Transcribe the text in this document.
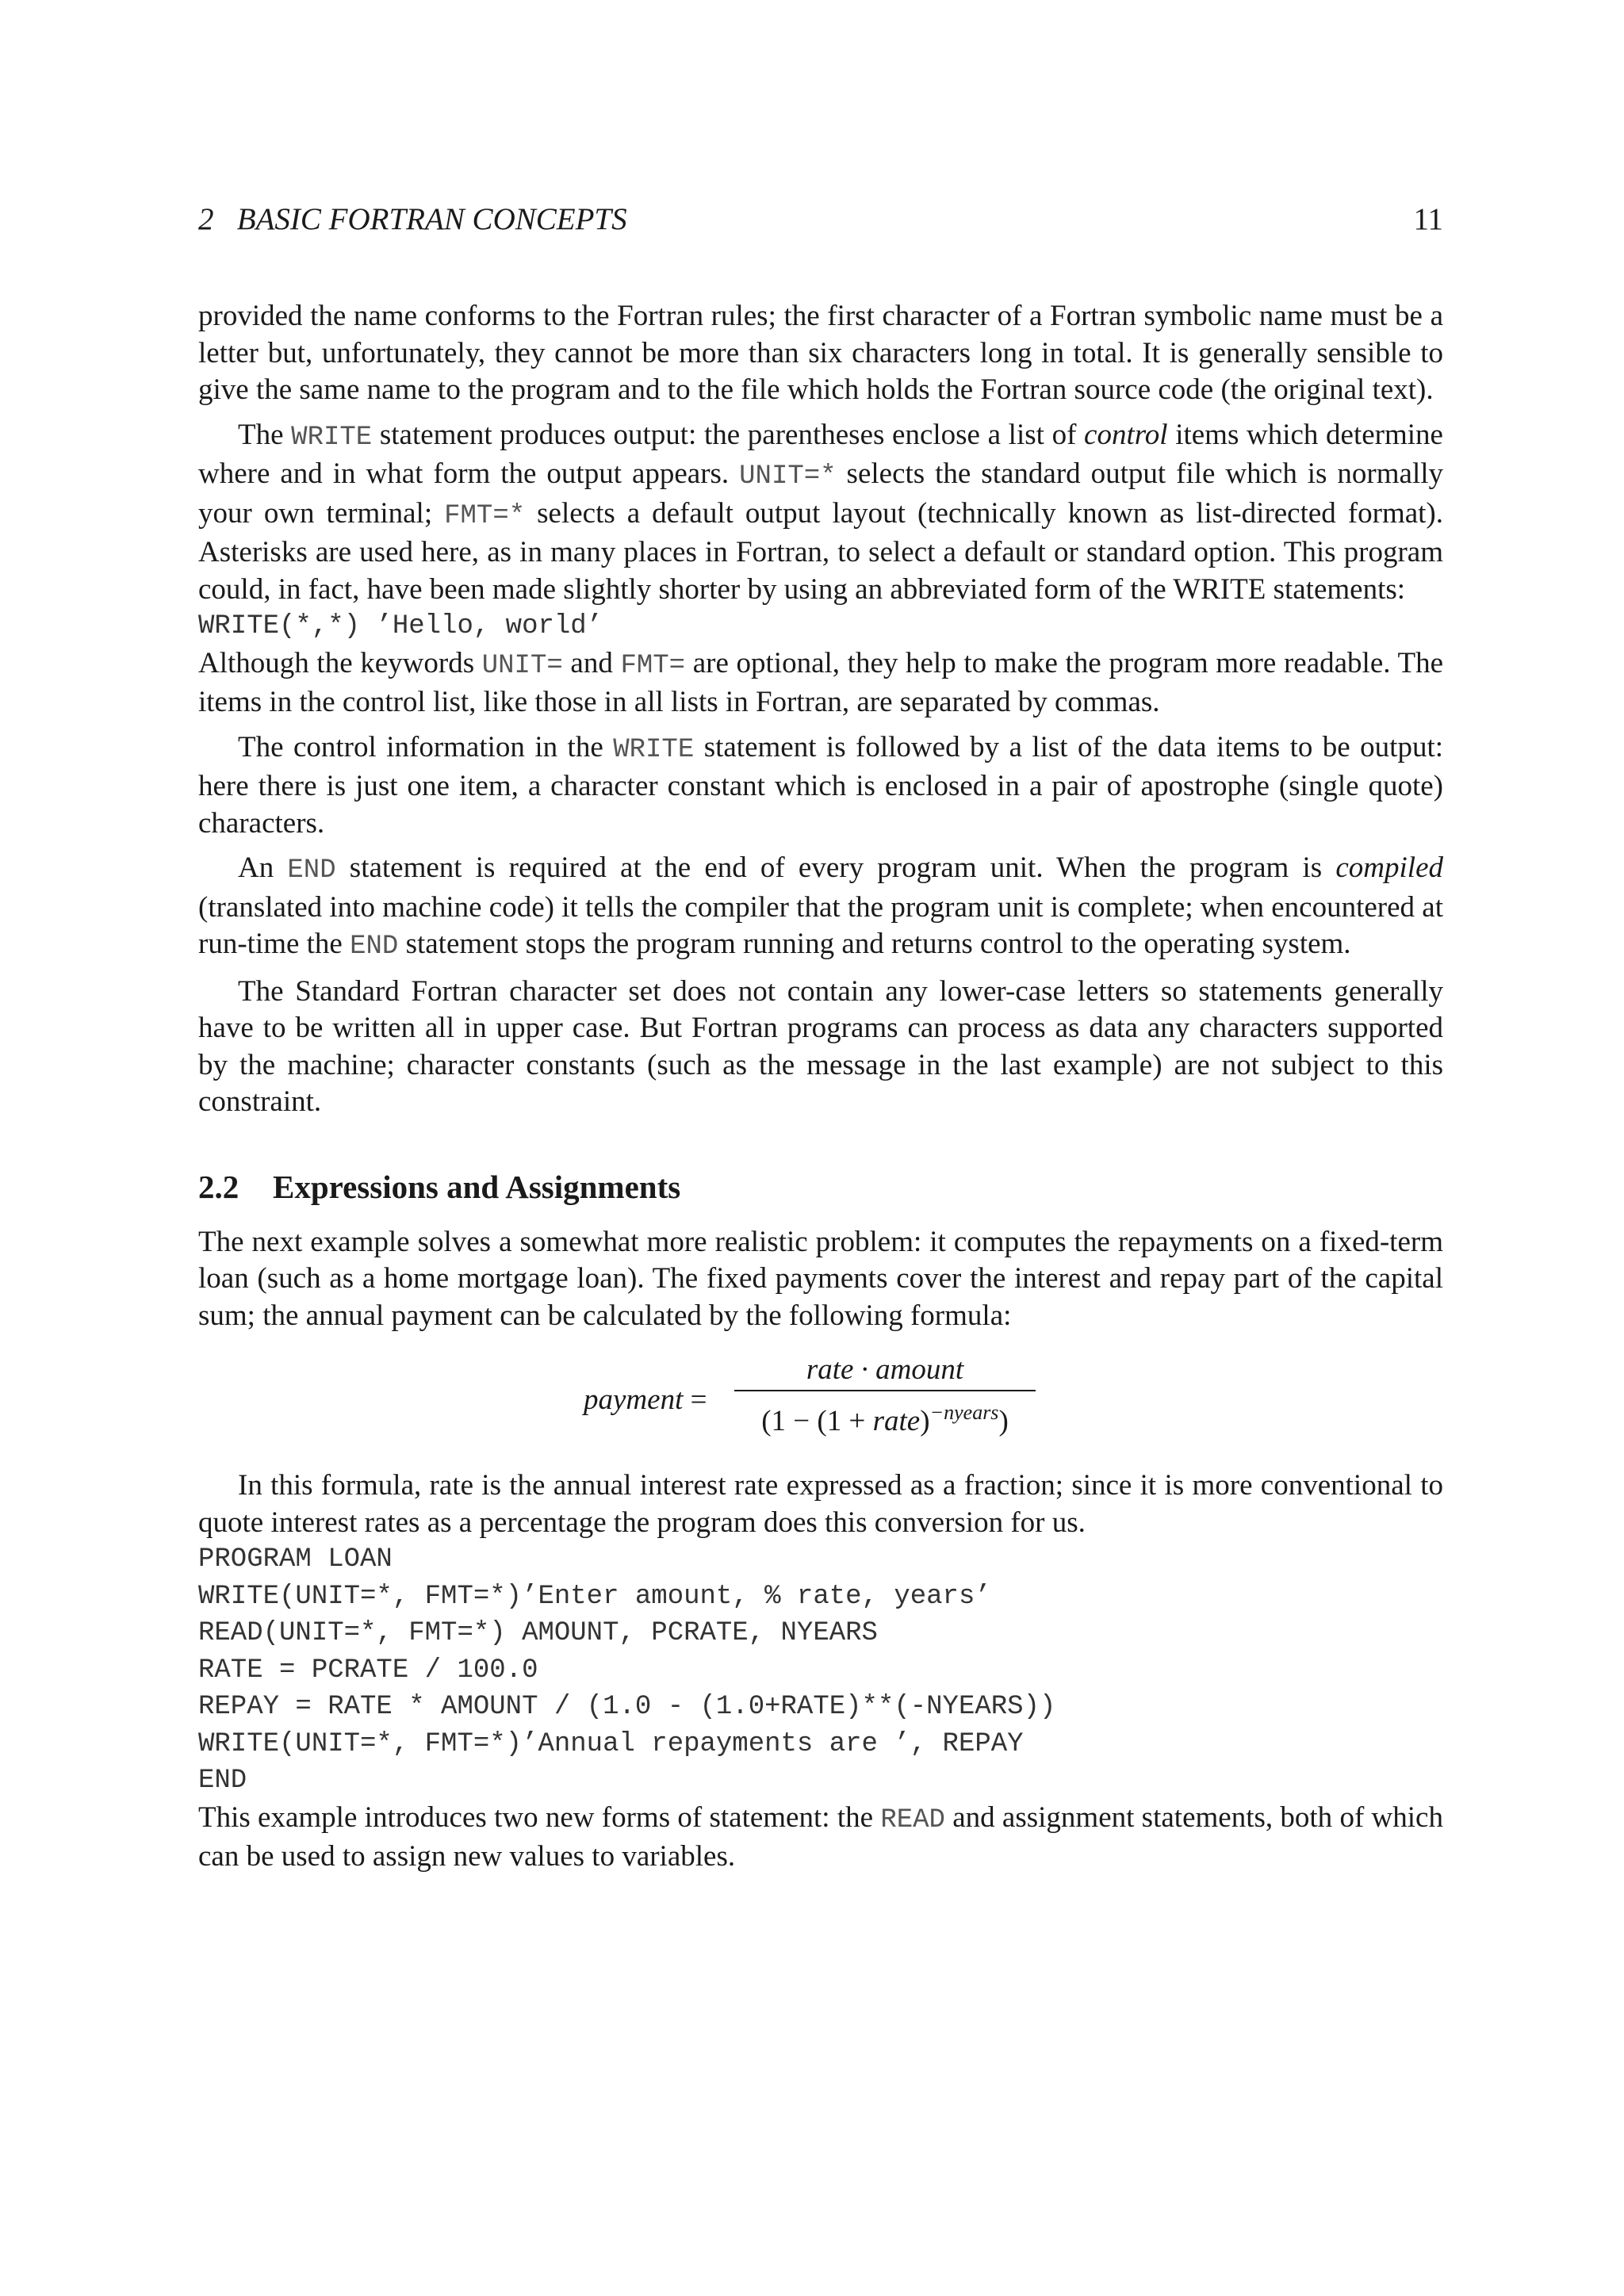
2   BASIC FORTRAN CONCEPTS	11

provided the name conforms to the Fortran rules; the first character of a Fortran symbolic name must be a letter but, unfortunately, they cannot be more than six characters long in total. It is generally sensible to give the same name to the program and to the file which holds the Fortran source code (the original text).

The WRITE statement produces output: the parentheses enclose a list of control items which determine where and in what form the output appears. UNIT=* selects the standard output file which is normally your own terminal; FMT=* selects a default output layout (technically known as list-directed format). Asterisks are used here, as in many places in Fortran, to select a default or standard option. This program could, in fact, have been made slightly shorter by using an abbreviated form of the WRITE statements:

WRITE(*,*) ’Hello, world’

Although the keywords UNIT= and FMT= are optional, they help to make the program more readable. The items in the control list, like those in all lists in Fortran, are separated by commas.

The control information in the WRITE statement is followed by a list of the data items to be output: here there is just one item, a character constant which is enclosed in a pair of apostrophe (single quote) characters.

An END statement is required at the end of every program unit. When the program is compiled (translated into machine code) it tells the compiler that the program unit is complete; when encountered at run-time the END statement stops the program running and returns control to the operating system.

The Standard Fortran character set does not contain any lower-case letters so statements generally have to be written all in upper case. But Fortran programs can process as data any characters supported by the machine; character constants (such as the message in the last example) are not subject to this constraint.

2.2 Expressions and Assignments

The next example solves a somewhat more realistic problem: it computes the repayments on a fixed-term loan (such as a home mortgage loan). The fixed payments cover the interest and repay part of the capital sum; the annual payment can be calculated by the following formula:

payment =
rate · amount
(1 − (1 + rate)$^{-nyears}$)

In this formula, rate is the annual interest rate expressed as a fraction; since it is more conventional to quote interest rates as a percentage the program does this conversion for us.

PROGRAM LOAN
WRITE(UNIT=*, FMT=*)’Enter amount, % rate, years’
READ(UNIT=*, FMT=*) AMOUNT, PCRATE, NYEARS
RATE = PCRATE / 100.0
REPAY = RATE * AMOUNT / (1.0 - (1.0+RATE)**(-NYEARS))
WRITE(UNIT=*, FMT=*)’Annual repayments are ’, REPAY
END

This example introduces two new forms of statement: the READ and assignment statements, both of which can be used to assign new values to variables.
